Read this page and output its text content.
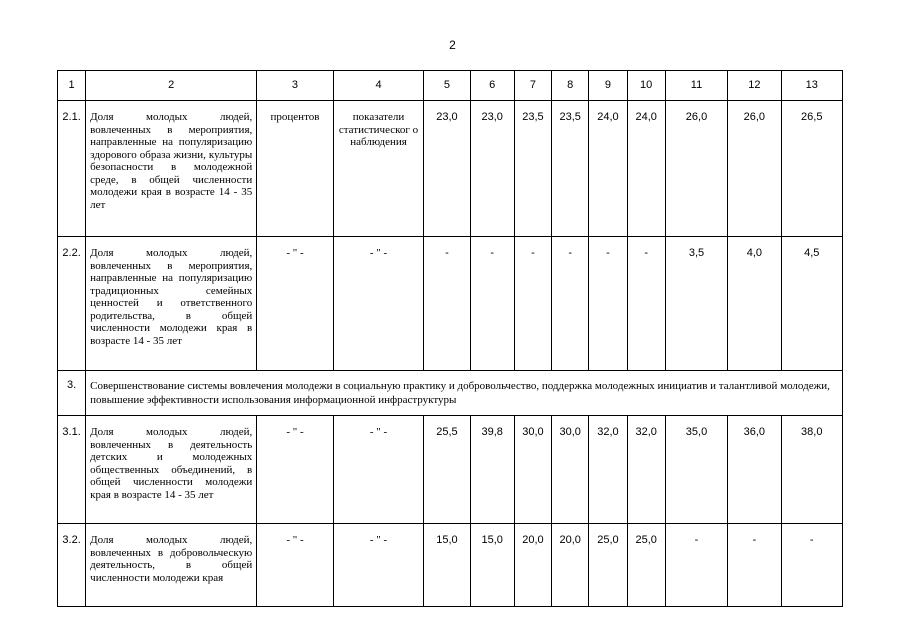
2
1	2	3	4	5	6	7	8	9	10	11	12	13
2.1.	Доля молодых людей, вовлеченных в мероприятия, направленные на популяризацию здорового образа жизни, культуры безопасности в молодежной среде, в общей численности молодежи края в возрасте 14 - 35 лет	процентов	показатели статистическог о наблюдения	23,0	23,0	23,5	23,5	24,0	24,0	26,0	26,0	26,5
2.2.	Доля молодых людей, вовлеченных в мероприятия, направленные на популяризацию традиционных семейных ценностей и ответственного родительства, в общей численности молодежи края в возрасте 14 - 35 лет	- " -	- " -	-	-	-	-	-	-	3,5	4,0	4,5
3.	Совершенствование системы вовлечения молодежи в социальную практику и добровольчество, поддержка молодежных инициатив и талантливой молодежи, повышение эффективности использования информационной инфраструктуры											
3.1.	Доля молодых людей, вовлеченных в деятельность детских и молодежных общественных объединений, в общей численности молодежи края в возрасте 14 - 35 лет	- " -	- " -	25,5	39,8	30,0	30,0	32,0	32,0	35,0	36,0	38,0
3.2.	Доля молодых людей, вовлеченных в добровольческую деятельность, в общей численности молодежи края	- " -	- " -	15,0	15,0	20,0	20,0	25,0	25,0	-	-	-
